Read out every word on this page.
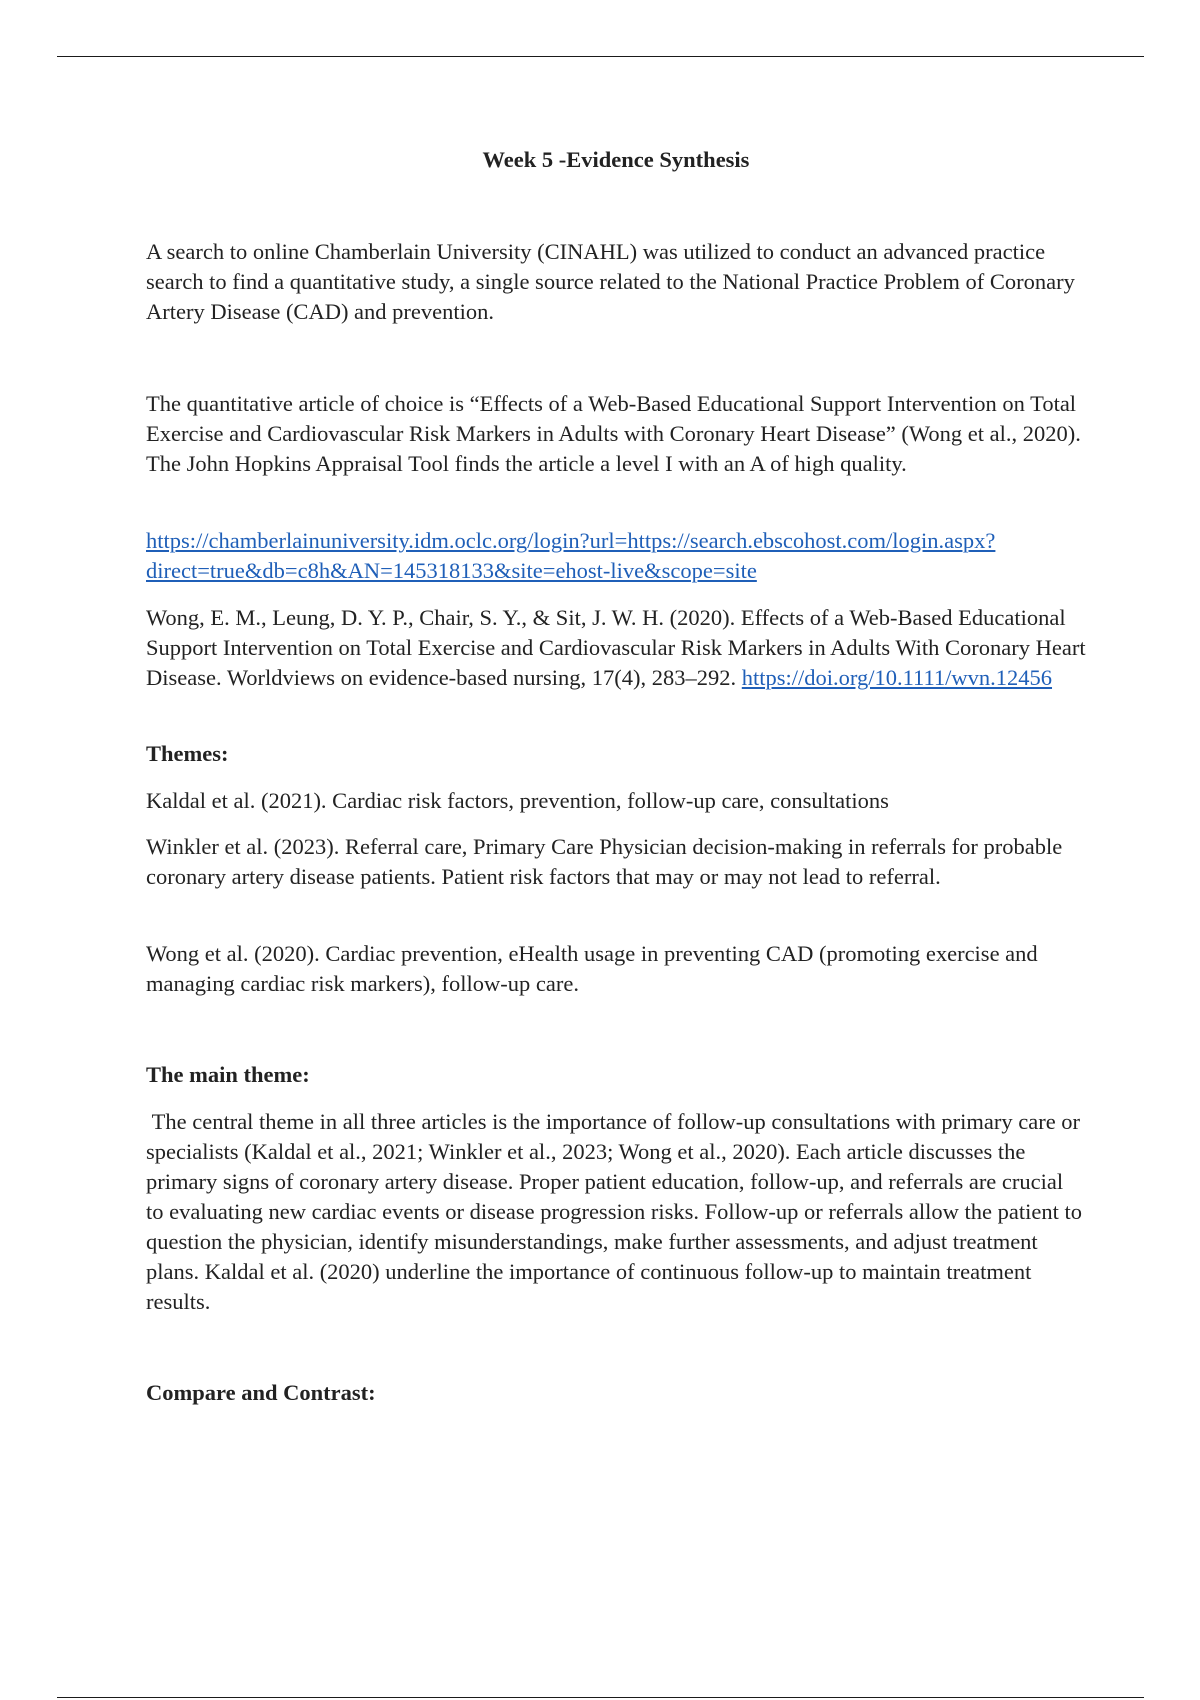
Week 5 -Evidence Synthesis

A search to online Chamberlain University (CINAHL) was utilized to conduct an advanced practice search to find a quantitative study, a single source related to the National Practice Problem of Coronary Artery Disease (CAD) and prevention.

The quantitative article of choice is “Effects of a Web-Based Educational Support Intervention on Total Exercise and Cardiovascular Risk Markers in Adults with Coronary Heart Disease” (Wong et al., 2020). The John Hopkins Appraisal Tool finds the article a level I with an A of high quality.

https://chamberlainuniversity.idm.oclc.org/login?url=https://search.ebscohost.com/login.aspx?
direct=true&db=c8h&AN=145318133&site=ehost-live&scope=site

Wong, E. M., Leung, D. Y. P., Chair, S. Y., & Sit, J. W. H. (2020). Effects of a Web-Based Educational Support Intervention on Total Exercise and Cardiovascular Risk Markers in Adults With Coronary Heart Disease. Worldviews on evidence-based nursing, 17(4), 283–292. https://doi.org/10.1111/wvn.12456

Themes:

Kaldal et al. (2021). Cardiac risk factors, prevention, follow-up care, consultations

Winkler et al. (2023). Referral care, Primary Care Physician decision-making in referrals for probable coronary artery disease patients. Patient risk factors that may or may not lead to referral.

Wong et al. (2020). Cardiac prevention, eHealth usage in preventing CAD (promoting exercise and managing cardiac risk markers), follow-up care.

The main theme:

The central theme in all three articles is the importance of follow-up consultations with primary care or specialists (Kaldal et al., 2021; Winkler et al., 2023; Wong et al., 2020). Each article discusses the primary signs of coronary artery disease. Proper patient education, follow-up, and referrals are crucial to evaluating new cardiac events or disease progression risks. Follow-up or referrals allow the patient to question the physician, identify misunderstandings, make further assessments, and adjust treatment plans. Kaldal et al. (2020) underline the importance of continuous follow-up to maintain treatment results.

Compare and Contrast:
